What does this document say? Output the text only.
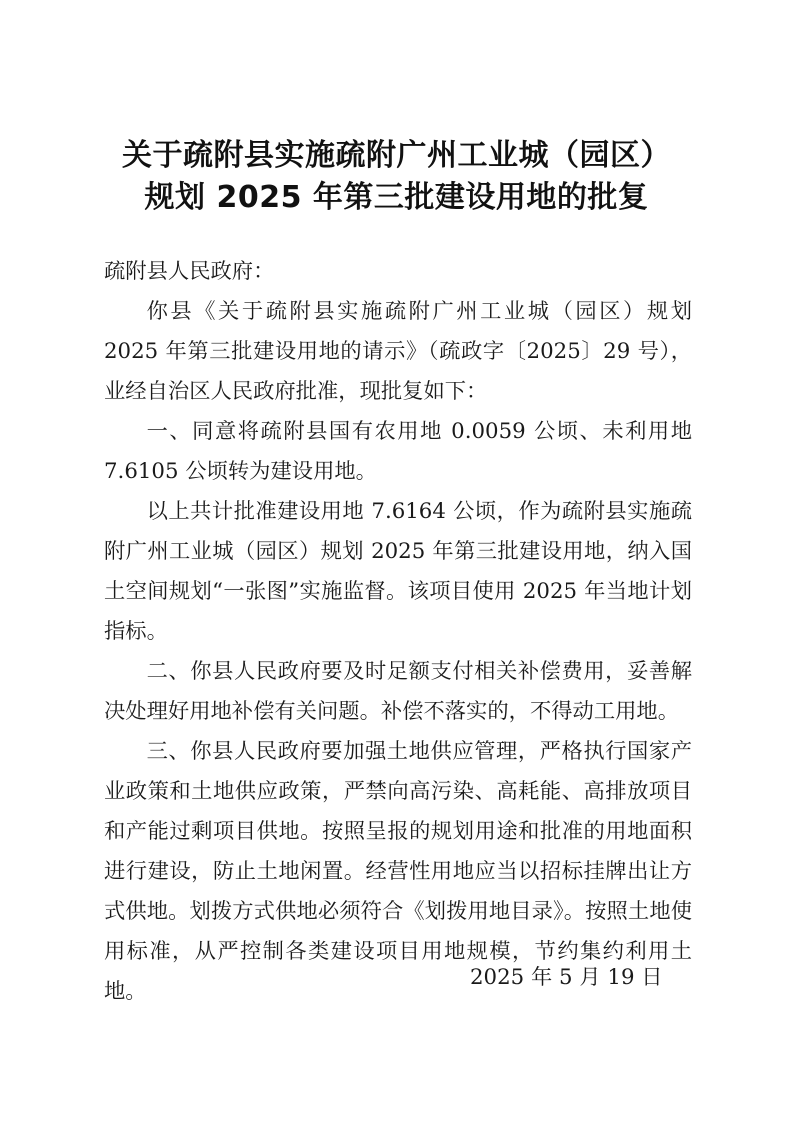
关于疏附县实施疏附广州工业城（园区）
规划 2025 年第三批建设用地的批复

疏附县人民政府：

你县《关于疏附县实施疏附广州工业城（园区）规划 2025 年第三批建设用地的请示》（疏政字〔2025〕29 号），业经自治区人民政府批准，现批复如下：

一、同意将疏附县国有农用地 0.0059 公顷、未利用地 7.6105 公顷转为建设用地。

以上共计批准建设用地 7.6164 公顷，作为疏附县实施疏附广州工业城（园区）规划 2025 年第三批建设用地，纳入国土空间规划“一张图”实施监督。该项目使用 2025 年当地计划指标。

二、你县人民政府要及时足额支付相关补偿费用，妥善解决处理好用地补偿有关问题。补偿不落实的，不得动工用地。

三、你县人民政府要加强土地供应管理，严格执行国家产业政策和土地供应政策，严禁向高污染、高耗能、高排放项目和产能过剩项目供地。按照呈报的规划用途和批准的用地面积进行建设，防止土地闲置。经营性用地应当以招标挂牌出让方式供地。划拨方式供地必须符合《划拨用地目录》。按照土地使用标准，从严控制各类建设项目用地规模，节约集约利用土地。

2025 年 5 月 19 日
